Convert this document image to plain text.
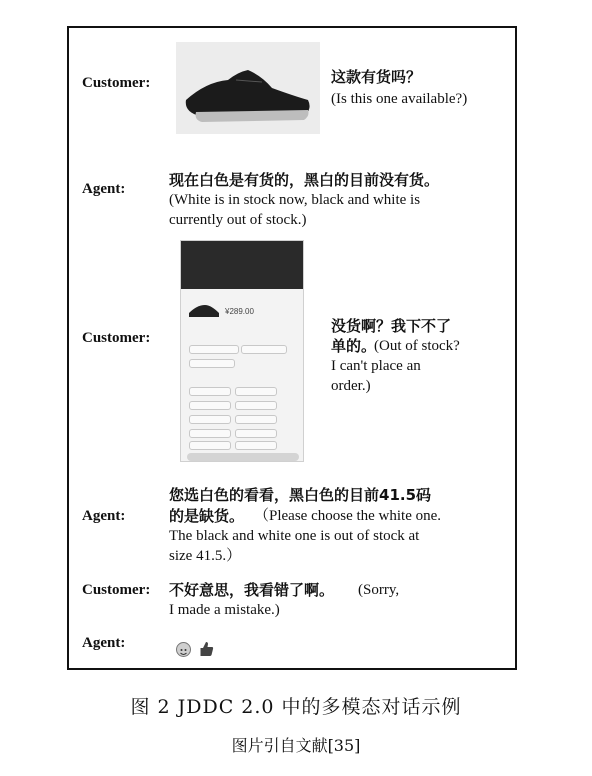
Customer:	这款有货吗？
(Is this one available?)
Agent:	现在白色是有货的，黑白的目前没有货。
(White is in stock now, black and white is
currently out of stock.)
Customer:
¥289.00
没货啊？我下不了
单的。
(Out of stock?
I can't place an
order.)
Agent:
您选白色的看看，黑白色的目前41.5码
的是缺货。 （Please choose the white one.
The black and white one is out of stock at
size 41.5.）
Customer: 不好意思，我看错了啊。 (Sorry,
I made a mistake.)
Agent:
图 2 JDDC 2.0 中的多模态对话示例
图片引自文献[35]
